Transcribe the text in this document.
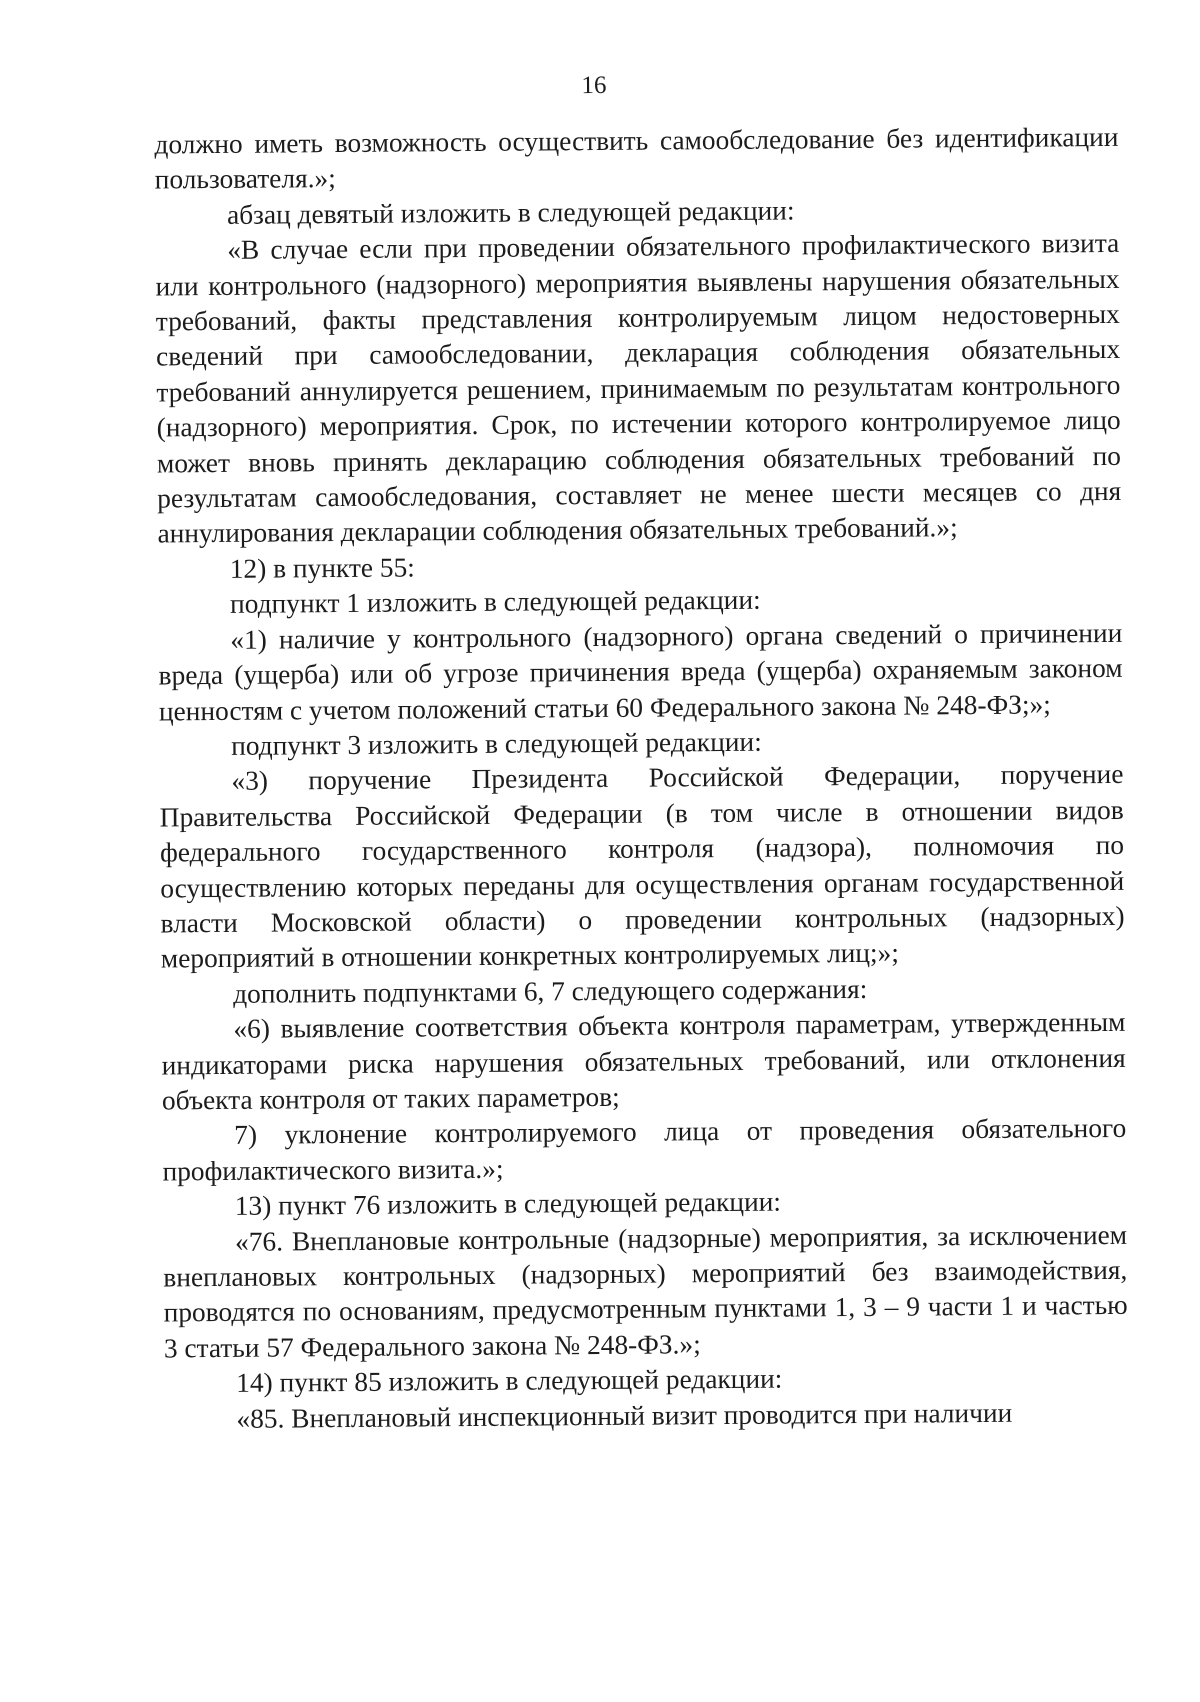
16

должно иметь возможность осуществить самообследование без идентификации пользователя.»;

абзац девятый изложить в следующей редакции:

«В случае если при проведении обязательного профилактического визита или контрольного (надзорного) мероприятия выявлены нарушения обязательных требований, факты представления контролируемым лицом недостоверных сведений при самообследовании, декларация соблюдения обязательных требований аннулируется решением, принимаемым по результатам контрольного (надзорного) мероприятия. Срок, по истечении которого контролируемое лицо может вновь принять декларацию соблюдения обязательных требований по результатам самообследования, составляет не менее шести месяцев со дня аннулирования декларации соблюдения обязательных требований.»;

12) в пункте 55:

подпункт 1 изложить в следующей редакции:

«1) наличие у контрольного (надзорного) органа сведений о причинении вреда (ущерба) или об угрозе причинения вреда (ущерба) охраняемым законом ценностям с учетом положений статьи 60 Федерального закона № 248-ФЗ;»;

подпункт 3 изложить в следующей редакции:

«3) поручение Президента Российской Федерации, поручение Правительства Российской Федерации (в том числе в отношении видов федерального государственного контроля (надзора), полномочия по осуществлению которых переданы для осуществления органам государственной власти Московской области) о проведении контрольных (надзорных) мероприятий в отношении конкретных контролируемых лиц;»;

дополнить подпунктами 6, 7 следующего содержания:

«6) выявление соответствия объекта контроля параметрам, утвержденным индикаторами риска нарушения обязательных требований, или отклонения объекта контроля от таких параметров;

7) уклонение контролируемого лица от проведения обязательного профилактического визита.»;

13) пункт 76 изложить в следующей редакции:

«76. Внеплановые контрольные (надзорные) мероприятия, за исключением внеплановых контрольных (надзорных) мероприятий без взаимодействия, проводятся по основаниям, предусмотренным пунктами 1, 3 – 9 части 1 и частью 3 статьи 57 Федерального закона № 248-ФЗ.»;

14) пункт 85 изложить в следующей редакции:

«85. Внеплановый инспекционный визит проводится при наличии
